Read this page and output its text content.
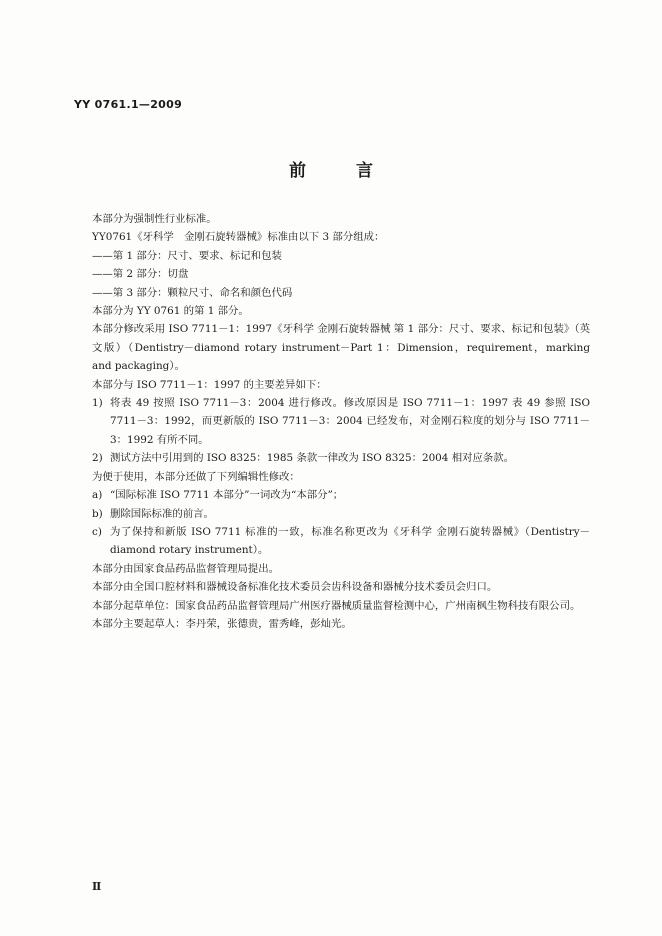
YY 0761.1—2009
前 言

本部分为强制性行业标准。

YY0761《牙科学　金刚石旋转器械》标准由以下 3 部分组成：

——第 1 部分：尺寸、要求、标记和包装

——第 2 部分：切盘

——第 3 部分：颗粒尺寸、命名和颜色代码

本部分为 YY 0761 的第 1 部分。

本部分修改采用 ISO 7711－1：1997《牙科学 金刚石旋转器械 第 1 部分：尺寸、要求、标记和包装》（英文版）（Dentistry－diamond rotary instrument－Part 1：Dimension，requirement，marking and packaging）。

本部分与 ISO 7711－1：1997 的主要差异如下：

1) 将表 49 按照 ISO 7711－3：2004 进行修改。修改原因是 ISO 7711－1：1997 表 49 参照 ISO 7711－3：1992，而更新版的 ISO 7711－3：2004 已经发布，对金刚石粒度的划分与 ISO 7711－3：1992 有所不同。
2) 测试方法中引用到的 ISO 8325：1985 条款一律改为 ISO 8325：2004 相对应条款。

为便于使用，本部分还做了下列编辑性修改：

a) “国际标准 ISO 7711 本部分”一词改为“本部分”；
b) 删除国际标准的前言。
c) 为了保持和新版 ISO 7711 标准的一致，标准名称更改为《牙科学 金刚石旋转器械》（Dentistry－diamond rotary instrument）。

本部分由国家食品药品监督管理局提出。

本部分由全国口腔材料和器械设备标准化技术委员会齿科设备和器械分技术委员会归口。

本部分起草单位：国家食品药品监督管理局广州医疗器械质量监督检测中心，广州南枫生物科技有限公司。

本部分主要起草人：李丹荣，张德贵，雷秀峰，彭灿光。

Ⅱ
